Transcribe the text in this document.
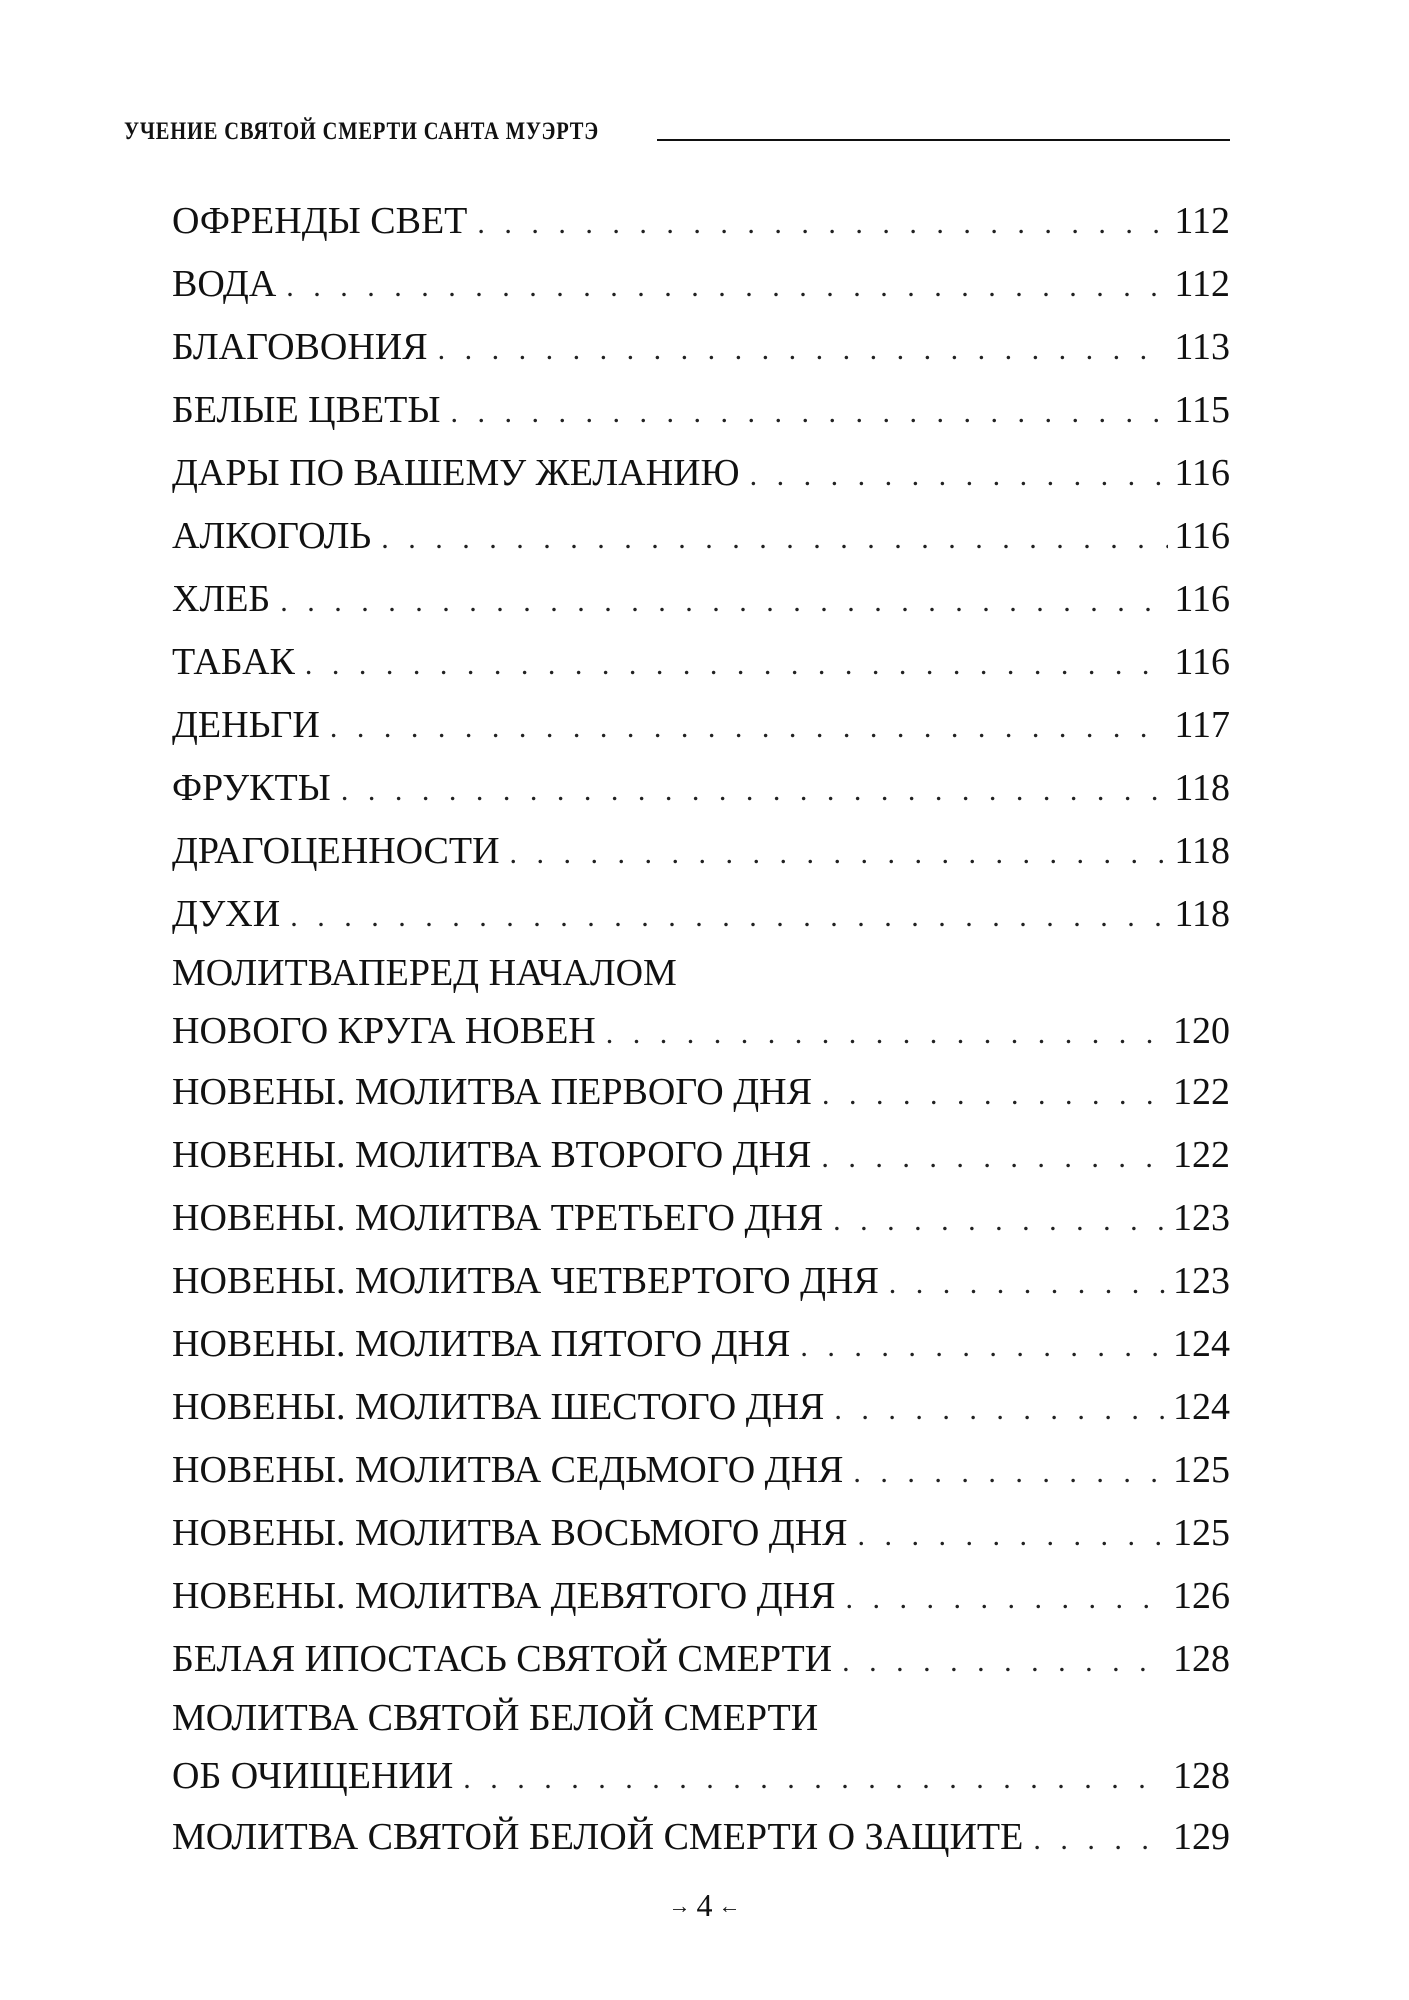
УЧЕНИЕ СВЯТОЙ СМЕРТИ САНТА МУЭРТЭ
ОФРЕНДЫ СВЕТ . . .	112
ВОДА . . .	112
БЛАГОВОНИЯ . . .	113
БЕЛЫЕ ЦВЕТЫ . . .	115
ДАРЫ ПО ВАШЕМУ ЖЕЛАНИЮ . . .	116
АЛКОГОЛЬ . . .	116
ХЛЕБ . . .	116
ТАБАК . . .	116
ДЕНЬГИ . . .	117
ФРУКТЫ . . .	118
ДРАГОЦЕННОСТИ . . .	118
ДУХИ . . .	118
МОЛИТВАПЕРЕД НАЧАЛОМ
НОВОГО КРУГА НОВЕН . . .	120
НОВЕНЫ. МОЛИТВА ПЕРВОГО ДНЯ . . .	122
НОВЕНЫ. МОЛИТВА ВТОРОГО ДНЯ . . .	122
НОВЕНЫ. МОЛИТВА ТРЕТЬЕГО ДНЯ . . .	123
НОВЕНЫ. МОЛИТВА ЧЕТВЕРТОГО ДНЯ . . .	123
НОВЕНЫ. МОЛИТВА ПЯТОГО ДНЯ . . .	124
НОВЕНЫ. МОЛИТВА ШЕСТОГО ДНЯ . . .	124
НОВЕНЫ. МОЛИТВА СЕДЬМОГО ДНЯ . . .	125
НОВЕНЫ. МОЛИТВА ВОСЬМОГО ДНЯ . . .	125
НОВЕНЫ. МОЛИТВА ДЕВЯТОГО ДНЯ . . .	126
БЕЛАЯ ИПОСТАСЬ СВЯТОЙ СМЕРТИ . . .	128
МОЛИТВА СВЯТОЙ БЕЛОЙ СМЕРТИ
ОБ ОЧИЩЕНИИ . . .	128
МОЛИТВА СВЯТОЙ БЕЛОЙ СМЕРТИ О ЗАЩИТЕ . . .	129
→ 4 ←
